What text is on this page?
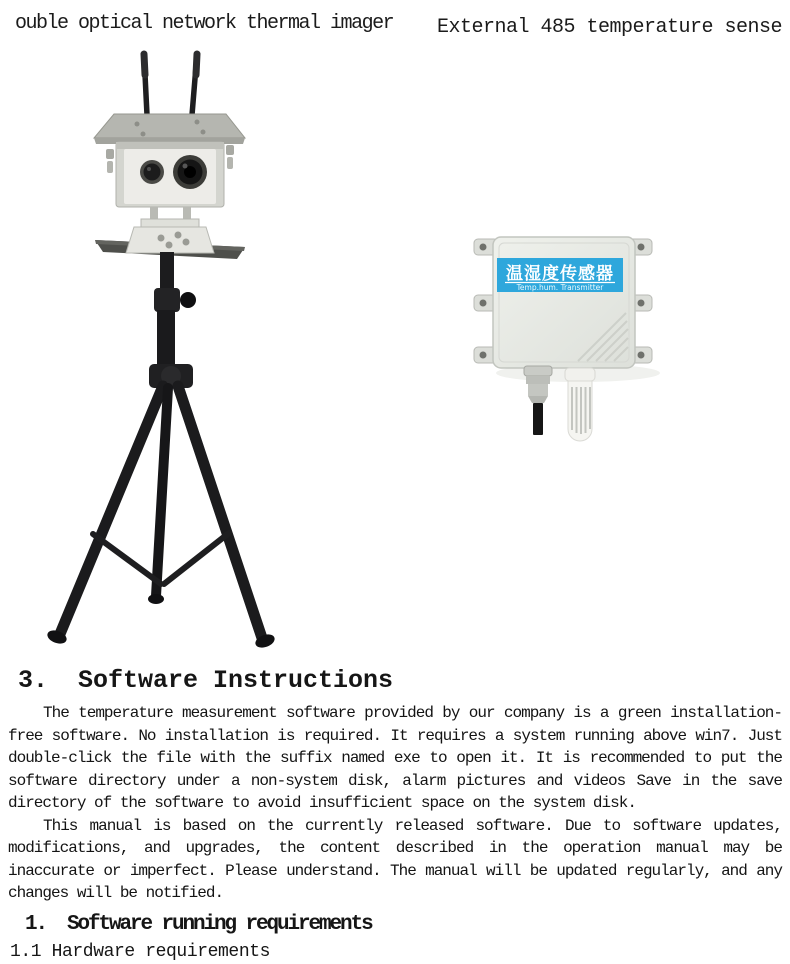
ouble optical network thermal imager External 485 temperature sense
温湿度传感器
Temp.hum. Transmitter
3.  Software Instructions

The temperature measurement software provided by our company is a green installation-free software. No installation is required. It requires a system running above win7. Just double-click the file with the suffix named exe to open it. It is recommended to put the software directory under a non-system disk, alarm pictures and videos Save in the save directory of the software to avoid insufficient space on the system disk.

This manual is based on the currently released software. Due to software updates, modifications, and upgrades, the content described in the operation manual may be inaccurate or imperfect. Please understand. The manual will be updated regularly, and any changes will be notified.

1.  Software running requirements
1.1 Hardware requirements
